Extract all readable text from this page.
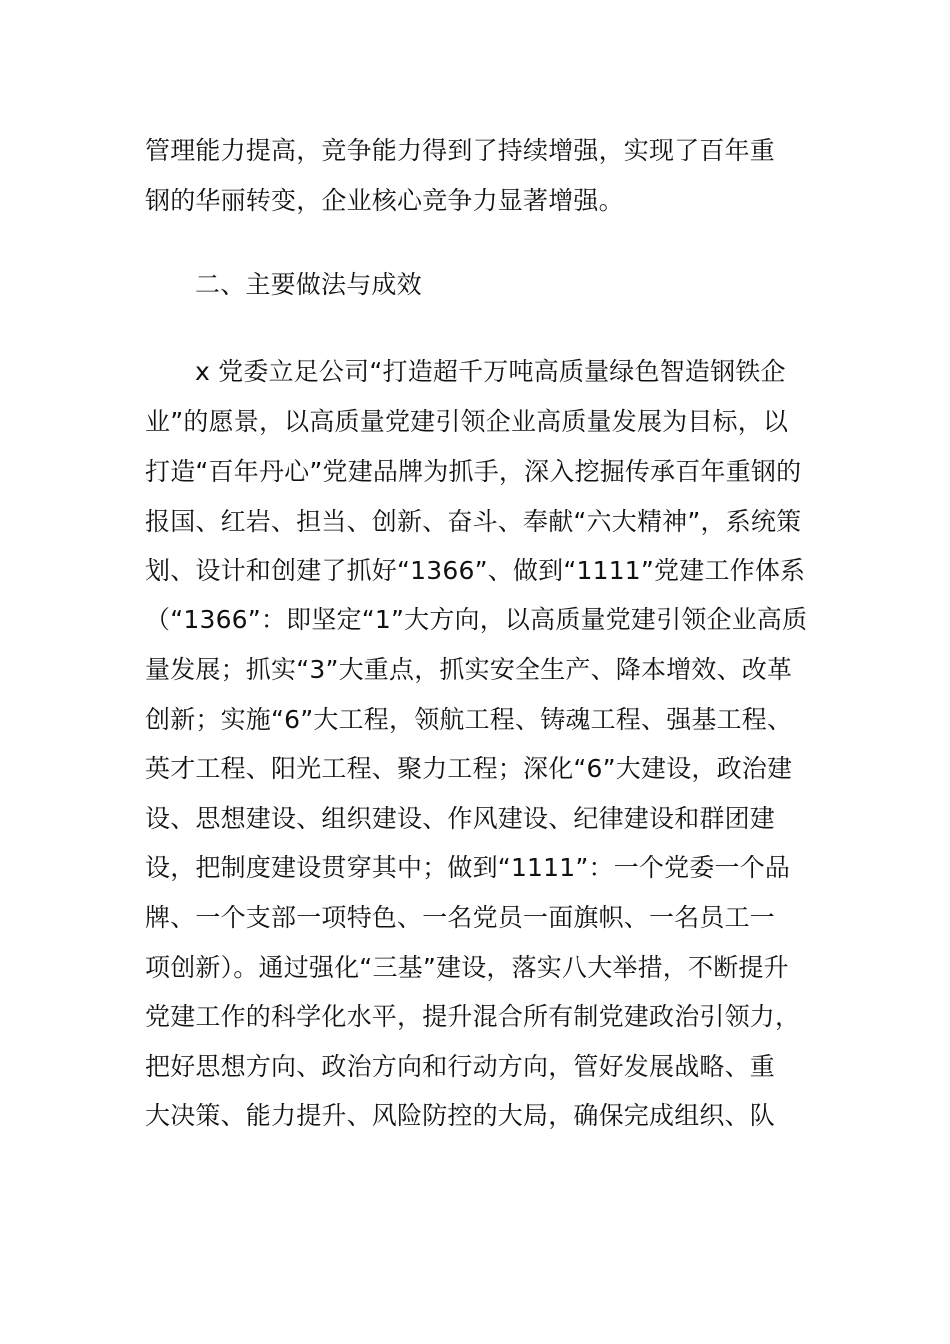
管理能力提高，竞争能力得到了持续增强，实现了百年重
钢的华丽转变，企业核心竞争力显著增强。
二、主要做法与成效
x 党委立足公司“打造超千万吨高质量绿色智造钢铁企
业”的愿景，以高质量党建引领企业高质量发展为目标，以
打造“百年丹心”党建品牌为抓手，深入挖掘传承百年重钢的
报国、红岩、担当、创新、奋斗、奉献“六大精神”，系统策
划、设计和创建了抓好“1366”、做到“1111”党建工作体系
（“1366”：即坚定“1”大方向，以高质量党建引领企业高质
量发展；抓实“3”大重点，抓实安全生产、降本增效、改革
创新；实施“6”大工程，领航工程、铸魂工程、强基工程、
英才工程、阳光工程、聚力工程；深化“6”大建设，政治建
设、思想建设、组织建设、作风建设、纪律建设和群团建
设，把制度建设贯穿其中；做到“1111”：一个党委一个品
牌、一个支部一项特色、一名党员一面旗帜、一名员工一
项创新）。通过强化“三基”建设，落实八大举措，不断提升
党建工作的科学化水平，提升混合所有制党建政治引领力，
把好思想方向、政治方向和行动方向，管好发展战略、重
大决策、能力提升、风险防控的大局，确保完成组织、队
